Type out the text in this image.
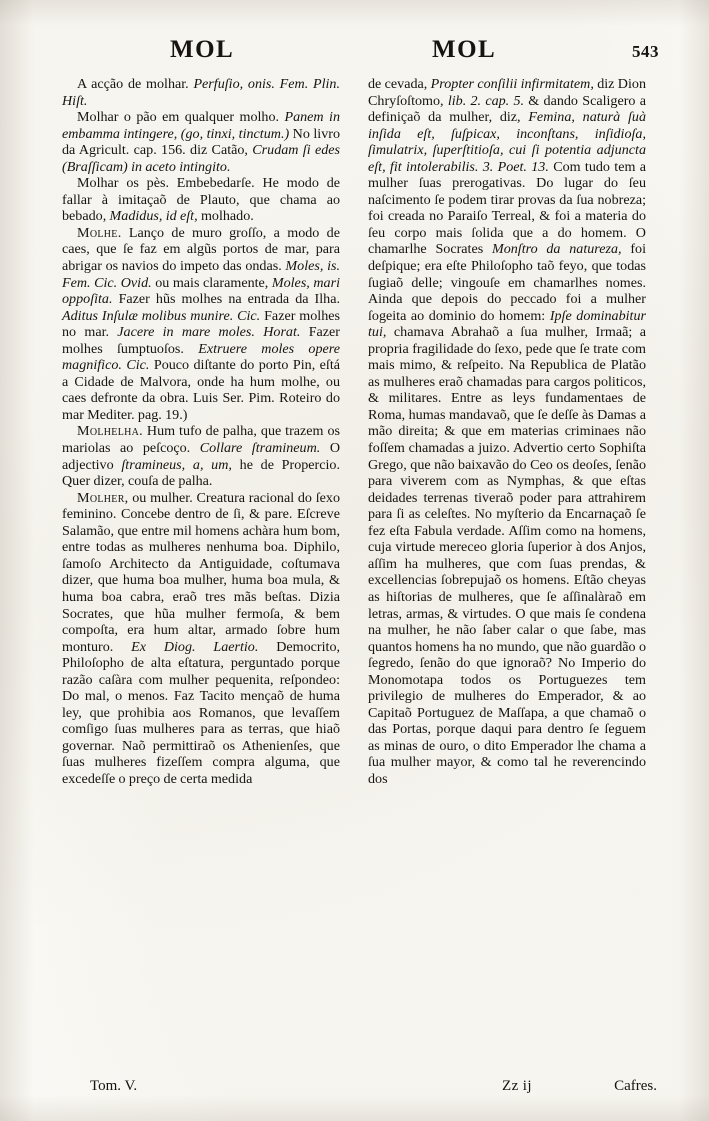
MOL	MOL	543

A acção de molhar. Perfuſio, onis. Fem. Plin. Hiſt.

Molhar o pão em qualquer molho. Panem in embamma intingere, (go, tinxi, tinctum.) No livro da Agricult. cap. 156. diz Catão, Crudam ſi edes (Braſſicam) in aceto intingito.

Molhar os pès. Embebedarſe. He modo de fallar à imitaçaõ de Plauto, que chama ao bebado, Madidus, id eſt, molhado.

Molhe. Lanço de muro groſſo, a modo de caes, que ſe faz em algũs portos de mar, para abrigar os navios do impeto das ondas. Moles, is. Fem. Cic. Ovid. ou mais claramente, Moles, mari oppoſita. Fazer hũs molhes na entrada da Ilha. Aditus Inſulæ molibus munire. Cic. Fazer molhes no mar. Jacere in mare moles. Horat. Fazer molhes ſumptuoſos. Extruere moles opere magnifico. Cic. Pouco diſtante do porto Pin, eſtá a Cidade de Malvora, onde ha hum molhe, ou caes defronte da obra. Luis Ser. Pim. Roteiro do mar Mediter. pag. 19.)

Molhelha. Hum tufo de palha, que trazem os mariolas ao peſcoço. Collare ſtramineum. O adjectivo ſtramineus, a, um, he de Propercio. Quer dizer, couſa de palha.

Molher, ou mulher. Creatura racional do ſexo feminino. Concebe dentro de ſi, & pare. Eſcreve Salamão, que entre mil homens achàra hum bom, entre todas as mulheres nenhuma boa. Diphilo, ſamoſo Architecto da Antiguidade, coſtumava dizer, que huma boa mulher, huma boa mula, & huma boa cabra, eraõ tres mãs beſtas. Dizia Socrates, que hũa mulher fermoſa, & bem compoſta, era hum altar, armado ſobre hum monturo. Ex Diog. Laertio. Democrito, Philoſopho de alta eſtatura, perguntado porque razão caſàra com mulher pequenita, reſpondeo: Do mal, o menos. Faz Tacito mençaõ de huma ley, que prohibia aos Romanos, que levaſſem comſigo ſuas mulheres para as terras, que hiaõ governar. Naõ permittiraõ os Athenienſes, que ſuas mulheres fizeſſem compra alguma, que excedeſſe o preço de certa medida

de cevada, Propter conſilii infirmitatem, diz Dion Chryſoſtomo, lib. 2. cap. 5. & dando Scaligero a definiçaõ da mulher, diz, Femina, naturà ſuà inſida eſt, ſuſpicax, inconſtans, inſidioſa, ſimulatrix, ſuperſtitioſa, cui ſi potentia adjuncta eſt, fit intolerabilis. 3. Poet. 13. Com tudo tem a mulher ſuas prerogativas. Do lugar do ſeu naſcimento ſe podem tirar provas da ſua nobreza; foi creada no Paraiſo Terreal, & foi a materia do ſeu corpo mais ſolida que a do homem. O chamarlhe Socrates Monſtro da natureza, foi deſpique; era eſte Philoſopho taõ feyo, que todas ſugiaõ delle; vingouſe em chamarlhes nomes. Ainda que depois do peccado foi a mulher ſogeita ao dominio do homem: Ipſe dominabitur tui, chamava Abrahaõ a ſua mulher, Irmaã; a propria fragilidade do ſexo, pede que ſe trate com mais mimo, & reſpeito. Na Republica de Platão as mulheres eraõ chamadas para cargos politicos, & militares. Entre as leys fundamentaes de Roma, humas mandavaõ, que ſe deſſe às Damas a mão direita; & que em materias criminaes não foſſem chamadas a juizo. Advertio certo Sophiſta Grego, que não baixavão do Ceo os deoſes, ſenão para viverem com as Nymphas, & que eſtas deidades terrenas tiveraõ poder para attrahirem para ſi as celeſtes. No myſterio da Encarnaçaõ ſe fez eſta Fabula verdade. Aſſim como na homens, cuja virtude mereceo gloria ſuperior à dos Anjos, aſſim ha mulheres, que com ſuas prendas, & excellencias ſobrepujaõ os homens. Eſtão cheyas as hiſtorias de mulheres, que ſe aſſinalàraõ em letras, armas, & virtudes. O que mais ſe condena na mulher, he não ſaber calar o que ſabe, mas quantos homens ha no mundo, que não guardão o ſegredo, ſenão do que ignoraõ? No Imperio do Monomotapa todos os Portuguezes tem privilegio de mulheres do Emperador, & ao Capitaõ Portuguez de Maſſapa, a que chamaõ o das Portas, porque daqui para dentro ſe ſeguem as minas de ouro, o dito Emperador lhe chama a ſua mulher mayor, & como tal he reverencindo dos

Tom. V.	Zz ij	Cafres.
